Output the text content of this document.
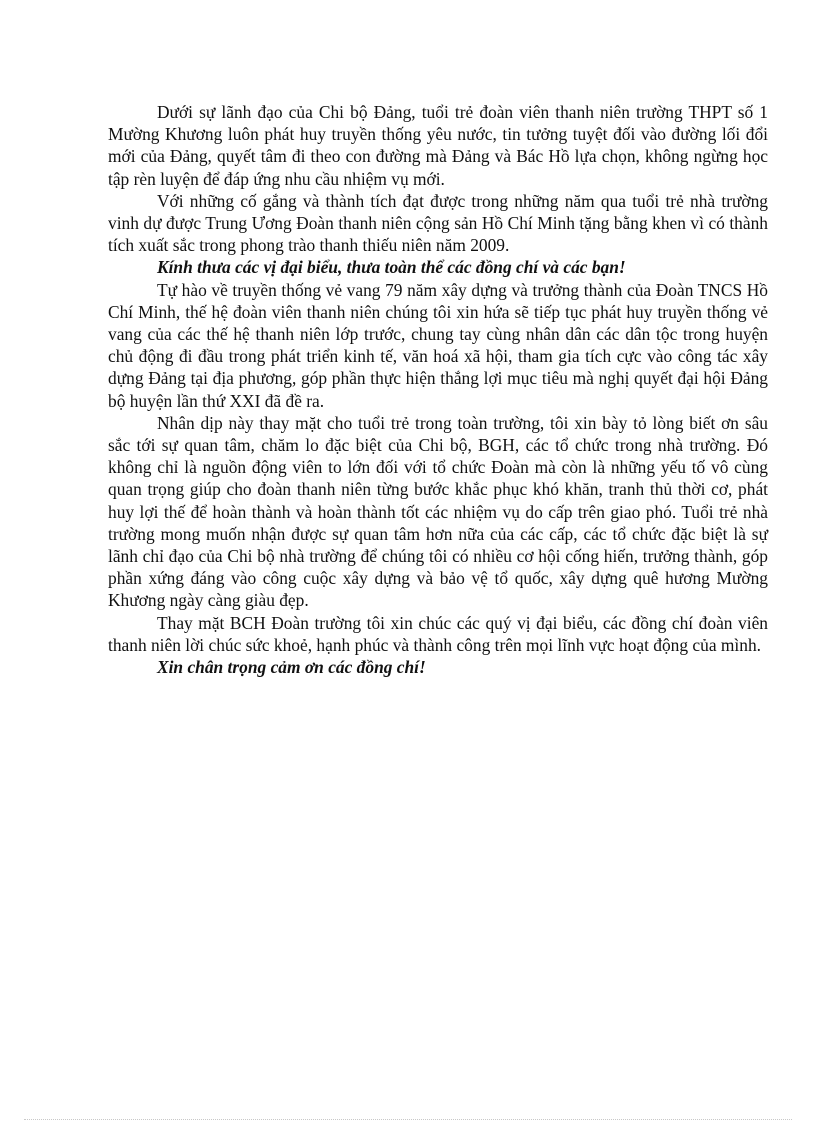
Dưới sự lãnh đạo của Chi bộ Đảng, tuổi trẻ đoàn viên thanh niên trường THPT số 1 Mường Khương luôn phát huy truyền thống yêu nước, tin tưởng tuyệt đối vào đường lối đổi mới của Đảng, quyết tâm đi theo con đường mà Đảng và Bác Hồ lựa chọn, không ngừng học tập rèn luyện để đáp ứng nhu cầu nhiệm vụ mới.

Với những cố gắng và thành tích đạt được trong những năm qua tuổi trẻ nhà trường vinh dự được Trung Ương Đoàn thanh niên cộng sản Hồ Chí Minh tặng bằng khen vì có thành tích xuất sắc trong phong trào thanh thiếu niên năm 2009.

Kính thưa các vị đại biểu, thưa toàn thể các đồng chí và các bạn!

Tự hào về truyền thống vẻ vang 79 năm xây dựng và trưởng thành của Đoàn TNCS Hồ Chí Minh, thế hệ đoàn viên thanh niên chúng tôi xin hứa sẽ tiếp tục phát huy truyền thống vẻ vang của các thế hệ thanh niên lớp trước, chung tay cùng nhân dân các dân tộc trong huyện chủ động đi đầu trong phát triển kinh tế, văn hoá xã hội, tham gia tích cực vào công tác xây dựng Đảng tại địa phương, góp phần thực hiện thắng lợi mục tiêu mà nghị quyết đại hội Đảng bộ huyện lần thứ XXI đã đề ra.

Nhân dịp này thay mặt cho tuổi trẻ trong toàn trường, tôi xin bày tỏ lòng biết ơn sâu sắc tới sự quan tâm, chăm lo đặc biệt của Chi bộ, BGH, các tổ chức trong nhà trường. Đó không chỉ là nguồn động viên to lớn đối với tổ chức Đoàn mà còn là những yếu tố vô cùng quan trọng giúp cho đoàn thanh niên từng bước khắc phục khó khăn, tranh thủ thời cơ, phát huy lợi thế để hoàn thành và hoàn thành tốt các nhiệm vụ do cấp trên giao phó. Tuổi trẻ nhà trường mong muốn nhận được sự quan tâm hơn nữa của các cấp, các tổ chức đặc biệt là sự lãnh chỉ đạo của Chi bộ nhà trường để chúng tôi có nhiều cơ hội cống hiến, trưởng thành, góp phần xứng đáng vào công cuộc xây dựng và bảo vệ tổ quốc, xây dựng quê hương Mường Khương ngày càng giàu đẹp.

Thay mặt BCH Đoàn trường tôi xin chúc các quý vị đại biểu, các đồng chí đoàn viên thanh niên lời chúc sức khoẻ, hạnh phúc và thành công trên mọi lĩnh vực hoạt động của mình.

Xin chân trọng cảm ơn các đồng chí!
